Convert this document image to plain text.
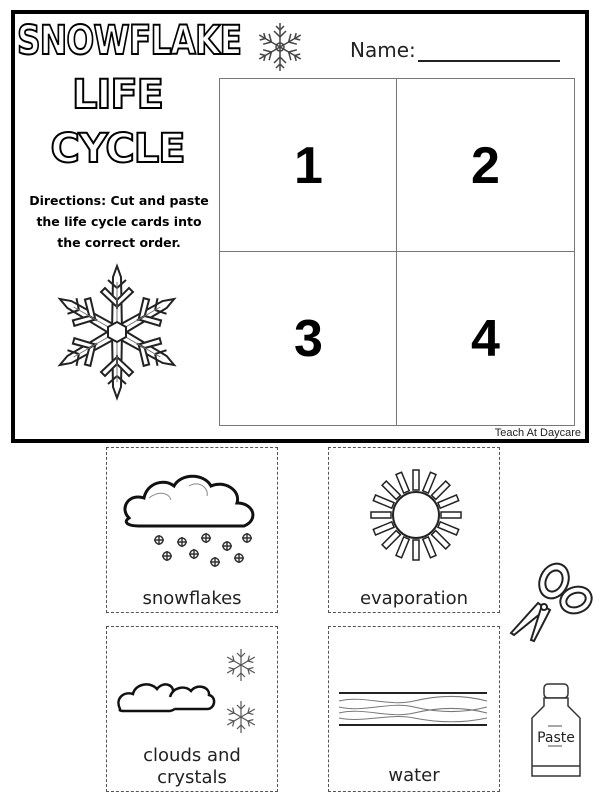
SNOWFLAKE
LIFE
CYCLE
Name:
Directions: Cut and paste
the life cycle cards into
the correct order.
1	2
3	4
Teach At Daycare
snowflakes	evaporation
clouds and
crystals	water
Paste
